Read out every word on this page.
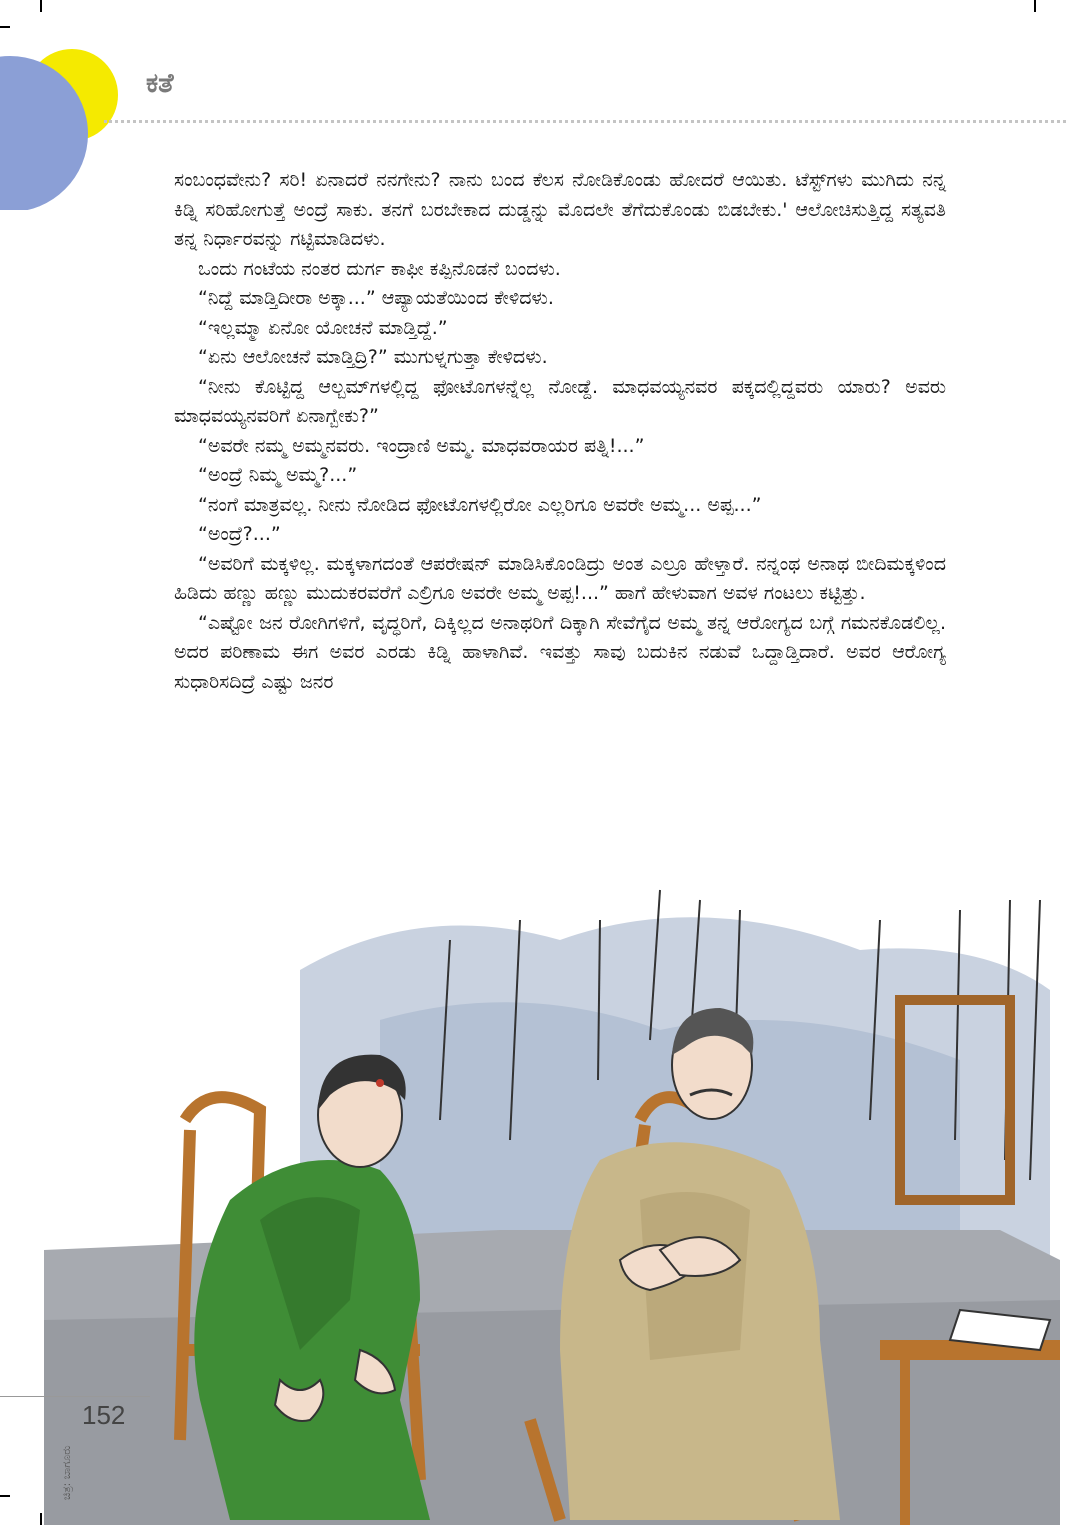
ಕತೆ

ಸಂಬಂಧವೇನು? ಸರಿ! ಏನಾದರೆ ನನಗೇನು? ನಾನು ಬಂದ ಕೆಲಸ ನೋಡಿಕೊಂಡು ಹೋದರೆ ಆಯಿತು. ಟೆಸ್ಟ್‌ಗಳು ಮುಗಿದು ನನ್ನ ಕಿಡ್ನಿ ಸರಿಹೋಗುತ್ತೆ ಅಂದ್ರೆ ಸಾಕು. ತನಗೆ ಬರಬೇಕಾದ ದುಡ್ಡನ್ನು ಮೊದಲೇ ತೆಗೆದುಕೊಂಡು ಬಿಡಬೇಕು.' ಆಲೋಚಿಸುತ್ತಿದ್ದ ಸತ್ಯವತಿ ತನ್ನ ನಿರ್ಧಾರವನ್ನು ಗಟ್ಟಿಮಾಡಿದಳು.

ಒಂದು ಗಂಟೆಯ ನಂತರ ದುರ್ಗ ಕಾಫೀ ಕಪ್ಪಿನೊಡನೆ ಬಂದಳು.

“ನಿದ್ದೆ ಮಾಡ್ತಿದೀರಾ ಅಕ್ಕಾ...” ಆಪ್ಯಾಯತೆಯಿಂದ ಕೇಳಿದಳು.

“ಇಲ್ಲಮ್ಮಾ ಏನೋ ಯೋಚನೆ ಮಾಡ್ತಿದ್ದೆ.”

“ಏನು ಆಲೋಚನೆ ಮಾಡ್ತಿದ್ರಿ?” ಮುಗುಳ್ನಗುತ್ತಾ ಕೇಳಿದಳು.

“ನೀನು ಕೊಟ್ಟಿದ್ದ ಆಲ್ಬಮ್‌ಗಳಲ್ಲಿದ್ದ ಫೋಟೊಗಳನ್ನೆಲ್ಲ ನೋಡ್ದೆ. ಮಾಧವಯ್ಯನವರ ಪಕ್ಕದಲ್ಲಿದ್ದವರು ಯಾರು? ಅವರು ಮಾಧವಯ್ಯನವರಿಗೆ ಏನಾಗ್ಬೇಕು?”

“ಅವರೇ ನಮ್ಮ ಅಮ್ಮನವರು. ಇಂದ್ರಾಣಿ ಅಮ್ಮ. ಮಾಧವರಾಯರ ಪತ್ನಿ!...”

“ಅಂದ್ರೆ ನಿಮ್ಮ ಅಮ್ಮ?...”

“ನಂಗೆ ಮಾತ್ರವಲ್ಲ. ನೀನು ನೋಡಿದ ಫೋಟೊಗಳಲ್ಲಿರೋ ಎಲ್ಲರಿಗೂ ಅವರೇ ಅಮ್ಮ... ಅಪ್ಪ...”

“ಅಂದ್ರೆ?...”

“ಅವರಿಗೆ ಮಕ್ಕಳಿಲ್ಲ. ಮಕ್ಕಳಾಗದಂತೆ ಆಪರೇಷನ್ ಮಾಡಿಸಿಕೊಂಡಿದ್ರು ಅಂತ ಎಲ್ರೂ ಹೇಳ್ತಾರೆ. ನನ್ನಂಥ ಅನಾಥ ಬೀದಿಮಕ್ಕಳಿಂದ ಹಿಡಿದು ಹಣ್ಣು ಹಣ್ಣು ಮುದುಕರವರೆಗೆ ಎಲ್ರಿಗೂ ಅವರೇ ಅಮ್ಮ ಅಪ್ಪ!...” ಹಾಗೆ ಹೇಳುವಾಗ ಅವಳ ಗಂಟಲು ಕಟ್ಟಿತ್ತು.

“ಎಷ್ಟೋ ಜನ ರೋಗಿಗಳಿಗೆ, ವೃದ್ಧರಿಗೆ, ದಿಕ್ಕಿಲ್ಲದ ಅನಾಥರಿಗೆ ದಿಕ್ಕಾಗಿ ಸೇವೆಗೈದ ಅಮ್ಮ ತನ್ನ ಆರೋಗ್ಯದ ಬಗ್ಗೆ ಗಮನಕೊಡಲಿಲ್ಲ. ಅದರ ಪರಿಣಾಮ ಈಗ ಅವರ ಎರಡು ಕಿಡ್ನಿ ಹಾಳಾಗಿವೆ. ಇವತ್ತು ಸಾವು ಬದುಕಿನ ನಡುವೆ ಒದ್ದಾಡ್ತಿದಾರೆ. ಅವರ ಆರೋಗ್ಯ ಸುಧಾರಿಸದಿದ್ರೆ ಎಷ್ಟು ಜನರ

152
ಚಿತ್ರ: ಬಾಗೂರು
